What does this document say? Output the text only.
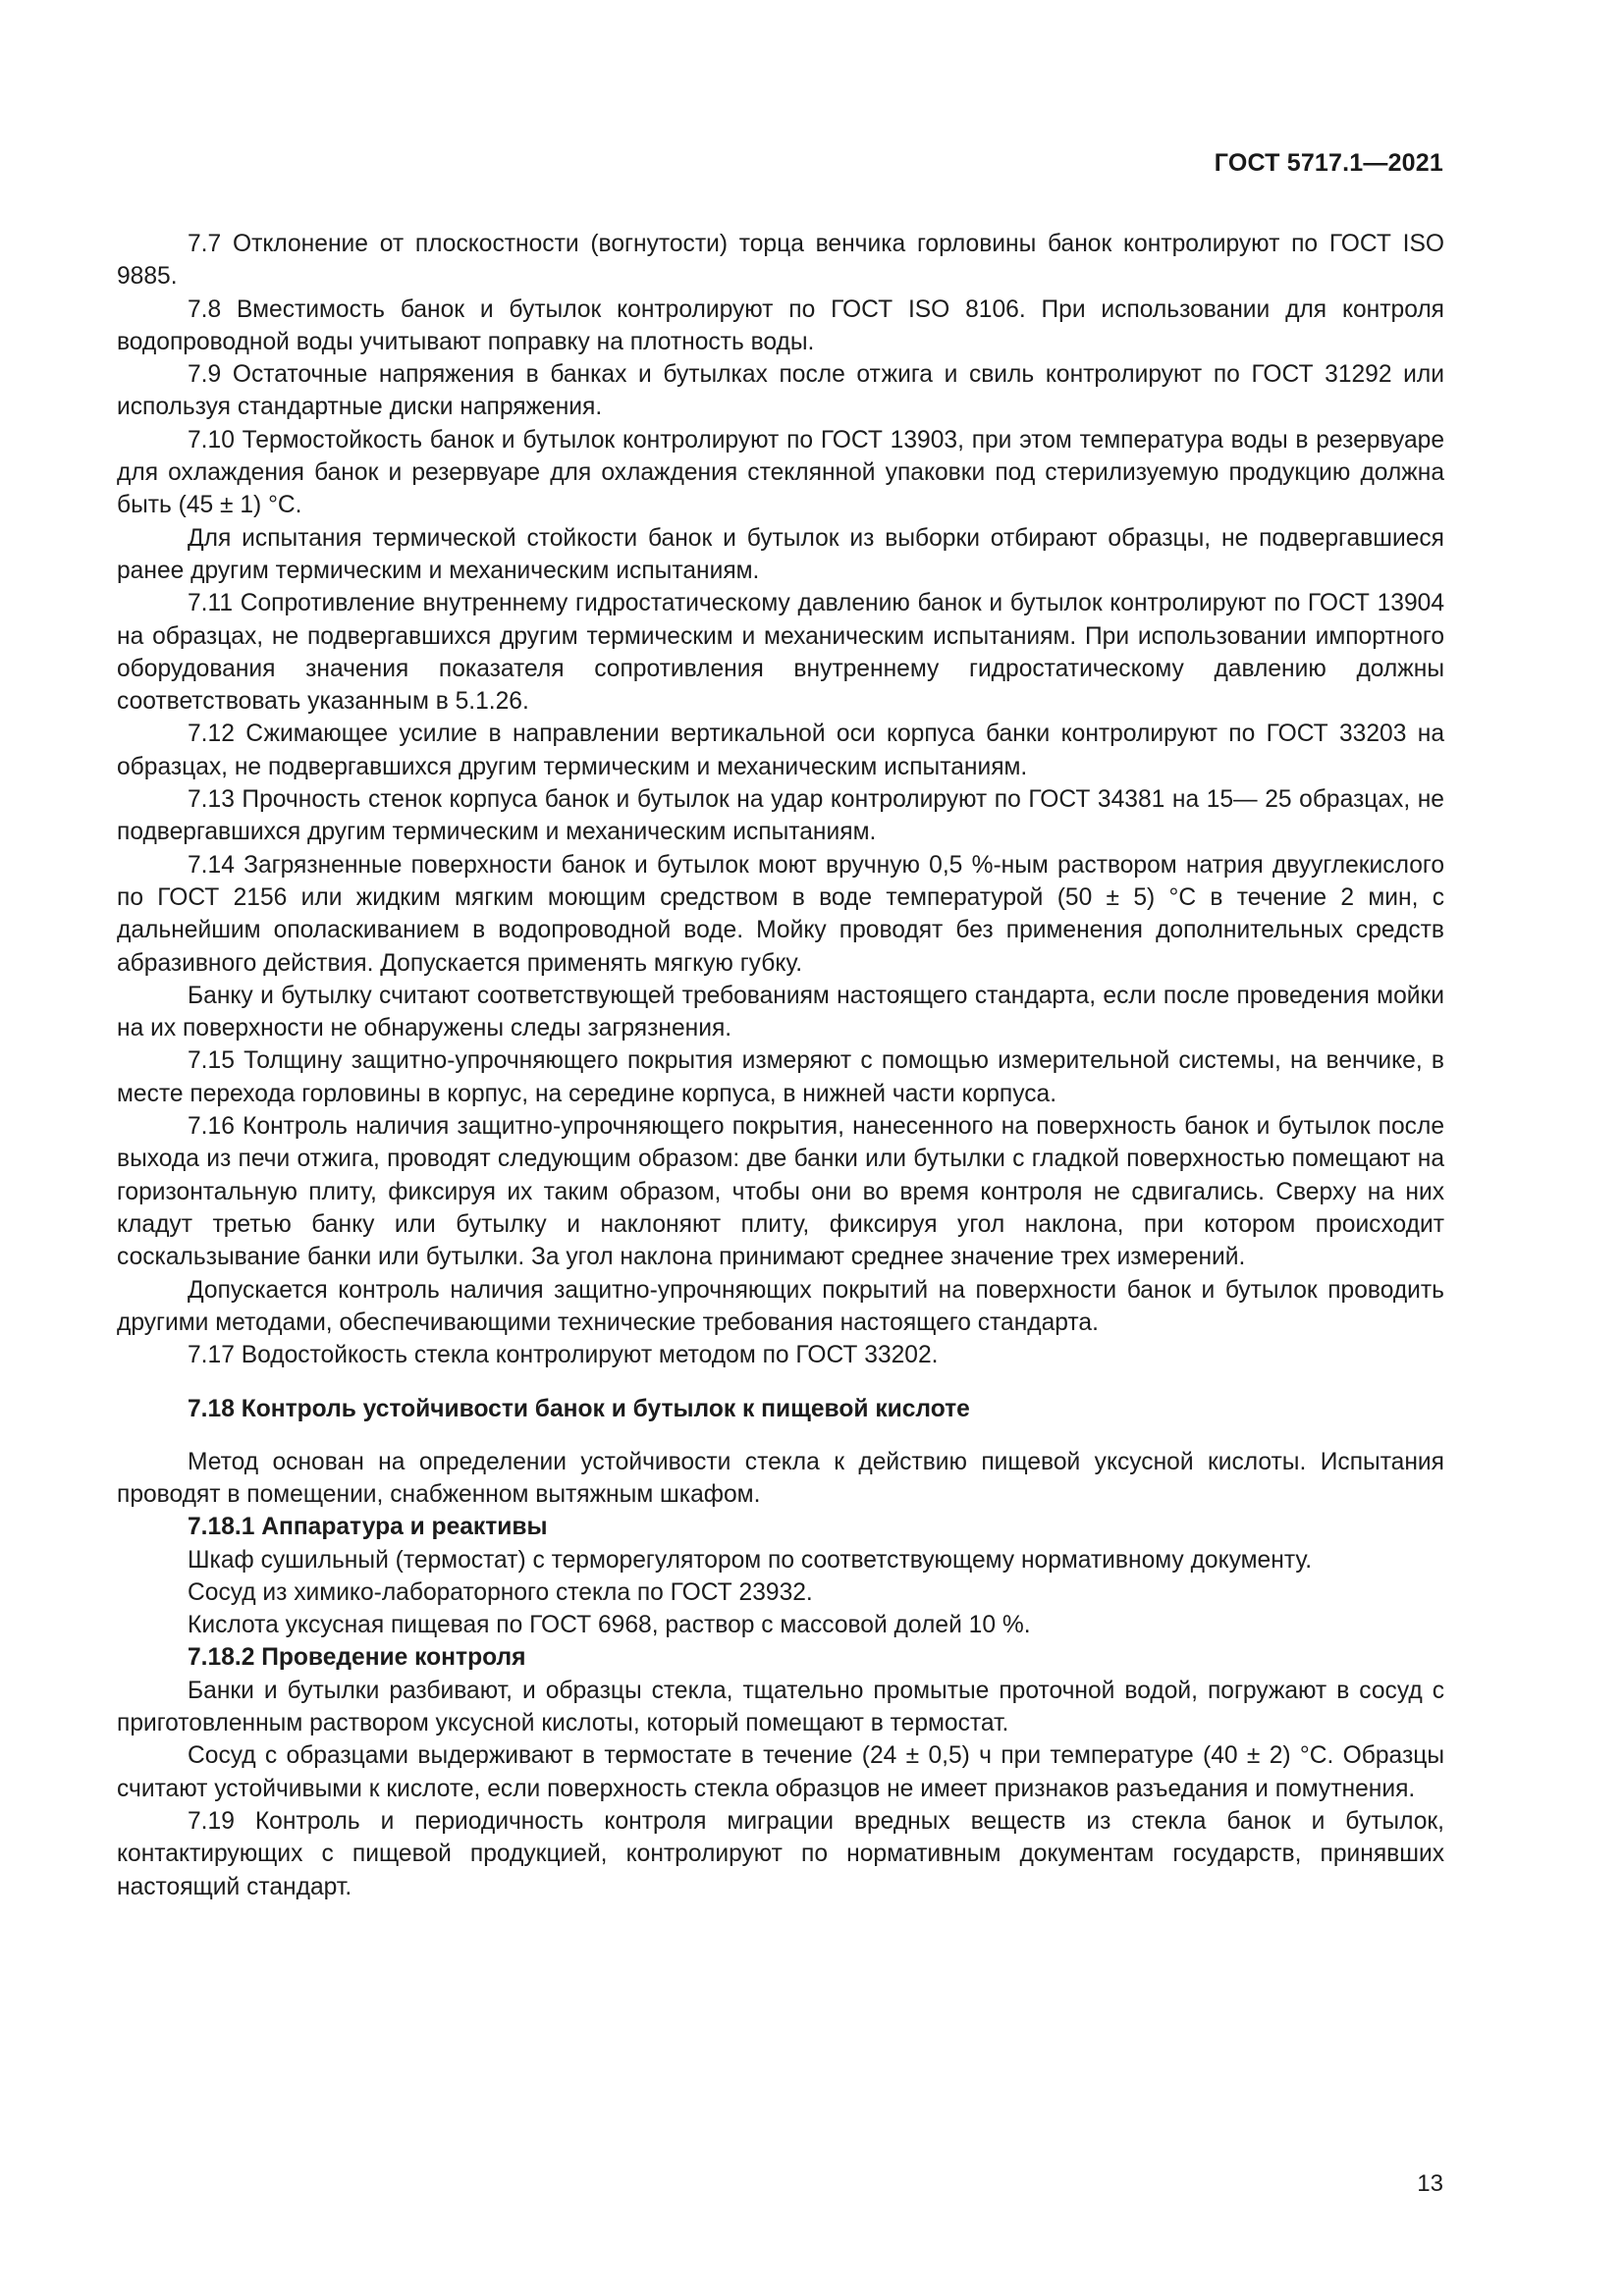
ГОСТ 5717.1—2021

7.7 Отклонение от плоскостности (вогнутости) торца венчика горловины банок контролируют по ГОСТ ISO 9885.

7.8 Вместимость банок и бутылок контролируют по ГОСТ ISO 8106. При использовании для контроля водопроводной воды учитывают поправку на плотность воды.

7.9 Остаточные напряжения в банках и бутылках после отжига и свиль контролируют по ГОСТ 31292 или используя стандартные диски напряжения.

7.10 Термостойкость банок и бутылок контролируют по ГОСТ 13903, при этом температура воды в резервуаре для охлаждения банок и резервуаре для охлаждения стеклянной упаковки под стерилизуемую продукцию должна быть (45 ± 1) °С.

Для испытания термической стойкости банок и бутылок из выборки отбирают образцы, не подвергавшиеся ранее другим термическим и механическим испытаниям.

7.11 Сопротивление внутреннему гидростатическому давлению банок и бутылок контролируют по ГОСТ 13904 на образцах, не подвергавшихся другим термическим и механическим испытаниям. При использовании импортного оборудования значения показателя сопротивления внутреннему гидростатическому давлению должны соответствовать указанным в 5.1.26.

7.12 Сжимающее усилие в направлении вертикальной оси корпуса банки контролируют по ГОСТ 33203 на образцах, не подвергавшихся другим термическим и механическим испытаниям.

7.13 Прочность стенок корпуса банок и бутылок на удар контролируют по ГОСТ 34381 на 15— 25 образцах, не подвергавшихся другим термическим и механическим испытаниям.

7.14 Загрязненные поверхности банок и бутылок моют вручную 0,5 %-ным раствором натрия двууглекислого по ГОСТ 2156 или жидким мягким моющим средством в воде температурой (50 ± 5) °С в течение 2 мин, с дальнейшим ополаскиванием в водопроводной воде. Мойку проводят без применения дополнительных средств абразивного действия. Допускается применять мягкую губку.

Банку и бутылку считают соответствующей требованиям настоящего стандарта, если после проведения мойки на их поверхности не обнаружены следы загрязнения.

7.15 Толщину защитно-упрочняющего покрытия измеряют с помощью измерительной системы, на венчике, в месте перехода горловины в корпус, на середине корпуса, в нижней части корпуса.

7.16 Контроль наличия защитно-упрочняющего покрытия, нанесенного на поверхность банок и бутылок после выхода из печи отжига, проводят следующим образом: две банки или бутылки с гладкой поверхностью помещают на горизонтальную плиту, фиксируя их таким образом, чтобы они во время контроля не сдвигались. Сверху на них кладут третью банку или бутылку и наклоняют плиту, фиксируя угол наклона, при котором происходит соскальзывание банки или бутылки. За угол наклона принимают среднее значение трех измерений.

Допускается контроль наличия защитно-упрочняющих покрытий на поверхности банок и бутылок проводить другими методами, обеспечивающими технические требования настоящего стандарта.

7.17 Водостойкость стекла контролируют методом по ГОСТ 33202.

7.18 Контроль устойчивости банок и бутылок к пищевой кислоте

Метод основан на определении устойчивости стекла к действию пищевой уксусной кислоты. Испытания проводят в помещении, снабженном вытяжным шкафом.

7.18.1 Аппаратура и реактивы

Шкаф сушильный (термостат) с терморегулятором по соответствующему нормативному документу.

Сосуд из химико-лабораторного стекла по ГОСТ 23932.

Кислота уксусная пищевая по ГОСТ 6968, раствор с массовой долей 10 %.

7.18.2 Проведение контроля

Банки и бутылки разбивают, и образцы стекла, тщательно промытые проточной водой, погружают в сосуд с приготовленным раствором уксусной кислоты, который помещают в термостат.

Сосуд с образцами выдерживают в термостате в течение (24 ± 0,5) ч при температуре (40 ± 2) °С. Образцы считают устойчивыми к кислоте, если поверхность стекла образцов не имеет признаков разъедания и помутнения.

7.19 Контроль и периодичность контроля миграции вредных веществ из стекла банок и бутылок, контактирующих с пищевой продукцией, контролируют по нормативным документам государств, принявших настоящий стандарт.

13
